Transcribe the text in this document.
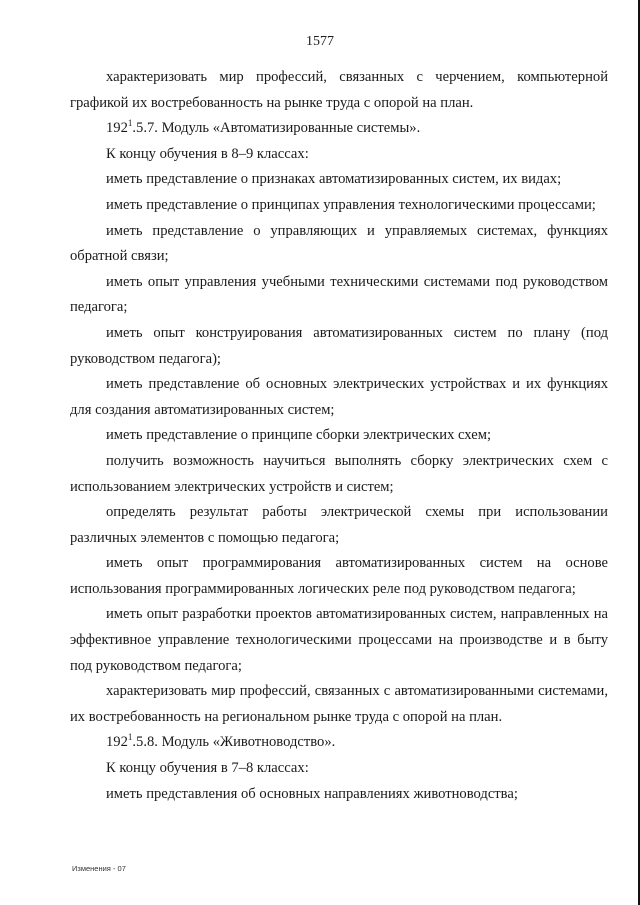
1577

характеризовать мир профессий, связанных с черчением, компьютерной графикой их востребованность на рынке труда с опорой на план.

$192^1.5.7$. Модуль «Автоматизированные системы».

К концу обучения в 8–9 классах:

иметь представление о признаках автоматизированных систем, их видах;

иметь представление о принципах управления технологическими процессами;

иметь представление о управляющих и управляемых системах, функциях обратной связи;

иметь опыт управления учебными техническими системами под руководством педагога;

иметь опыт конструирования автоматизированных систем по плану (под руководством педагога);

иметь представление об основных электрических устройствах и их функциях для создания автоматизированных систем;

иметь представление о принципе сборки электрических схем;

получить возможность научиться выполнять сборку электрических схем с использованием электрических устройств и систем;

определять результат работы электрической схемы при использовании различных элементов с помощью педагога;

иметь опыт программирования автоматизированных систем на основе использования программированных логических реле под руководством педагога;

иметь опыт разработки проектов автоматизированных систем, направленных на эффективное управление технологическими процессами на производстве и в быту под руководством педагога;

характеризовать мир профессий, связанных с автоматизированными системами, их востребованность на региональном рынке труда с опорой на план.

$192^1.5.8$. Модуль «Животноводство».

К концу обучения в 7–8 классах:

иметь представления об основных направлениях животноводства;

Изменения - 07
